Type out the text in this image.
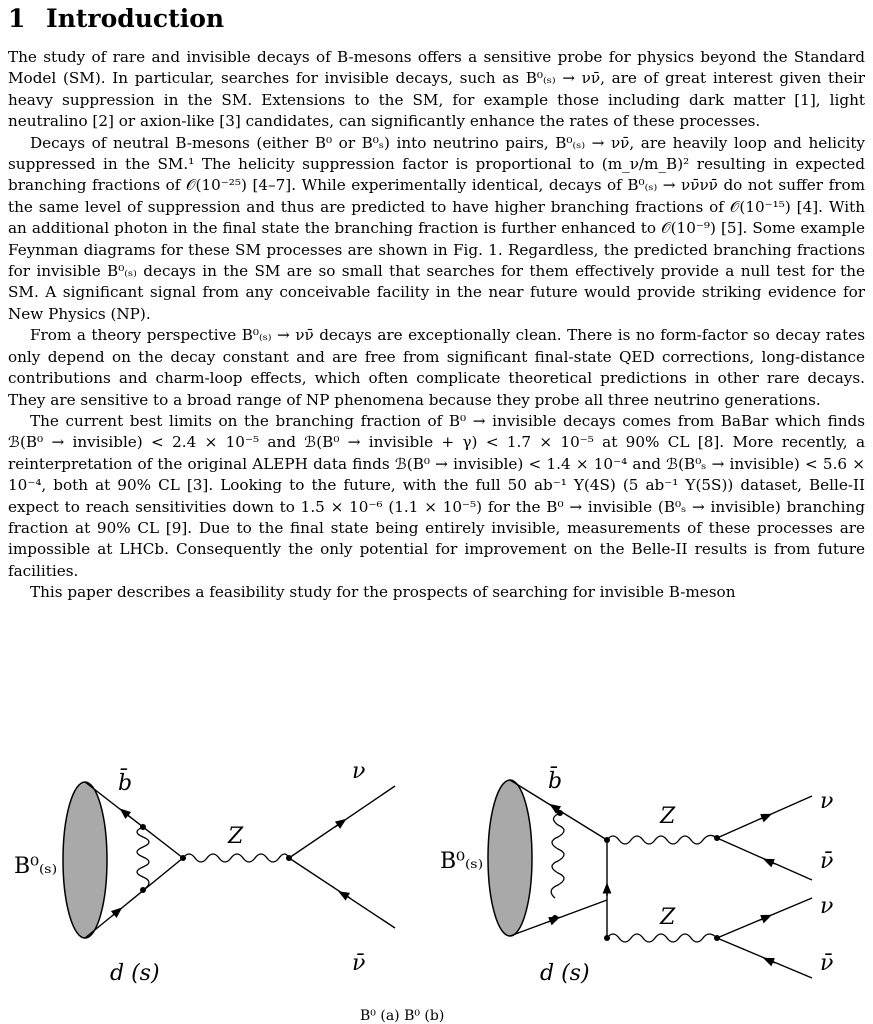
1 Introduction

The study of rare and invisible decays of B-mesons offers a sensitive probe for physics beyond the Standard Model (SM). In particular, searches for invisible decays, such as B⁰₍ₛ₎ → νν̄, are of great interest given their heavy suppression in the SM. Extensions to the SM, for example those including dark matter [1], light neutralino [2] or axion-like [3] candidates, can significantly enhance the rates of these processes.

Decays of neutral B-mesons (either B⁰ or B⁰ₛ) into neutrino pairs, B⁰₍ₛ₎ → νν̄, are heavily loop and helicity suppressed in the SM.¹ The helicity suppression factor is proportional to (m_ν/m_B)² resulting in expected branching fractions of 𝒪(10⁻²⁵) [4–7]. While experimentally identical, decays of B⁰₍ₛ₎ → νν̄νν̄ do not suffer from the same level of suppression and thus are predicted to have higher branching fractions of 𝒪(10⁻¹⁵) [4]. With an additional photon in the final state the branching fraction is further enhanced to 𝒪(10⁻⁹) [5]. Some example Feynman diagrams for these SM processes are shown in Fig. 1. Regardless, the predicted branching fractions for invisible B⁰₍ₛ₎ decays in the SM are so small that searches for them effectively provide a null test for the SM. A significant signal from any conceivable facility in the near future would provide striking evidence for New Physics (NP).

From a theory perspective B⁰₍ₛ₎ → νν̄ decays are exceptionally clean. There is no form-factor so decay rates only depend on the decay constant and are free from significant final-state QED corrections, long-distance contributions and charm-loop effects, which often complicate theoretical predictions in other rare decays. They are sensitive to a broad range of NP phenomena because they probe all three neutrino generations.

The current best limits on the branching fraction of B⁰ → invisible decays comes from BaBar which finds ℬ(B⁰ → invisible) < 2.4 × 10⁻⁵ and ℬ(B⁰ → invisible + γ) < 1.7 × 10⁻⁵ at 90% CL [8]. More recently, a reinterpretation of the original ALEPH data finds ℬ(B⁰ → invisible) < 1.4 × 10⁻⁴ and ℬ(B⁰ₛ → invisible) < 5.6 × 10⁻⁴, both at 90% CL [3]. Looking to the future, with the full 50 ab⁻¹ Υ(4S) (5 ab⁻¹ Υ(5S)) dataset, Belle-II expect to reach sensitivities down to 1.5 × 10⁻⁶ (1.1 × 10⁻⁵) for the B⁰ → invisible (B⁰ₛ → invisible) branching fraction at 90% CL [9]. Due to the final state being entirely invisible, measurements of these processes are impossible at LHCb. Consequently the only potential for improvement on the Belle-II results is from future facilities.

This paper describes a feasibility study for the prospects of searching for invisible B-meson

B⁰₍ₛ₎
b̄
d (s)
Z
ν
ν̄
B⁰₍ₛ₎
b̄
d (s)
Z
Z
ν
ν̄
ν
ν̄
B⁰ (a) B⁰ (b)
